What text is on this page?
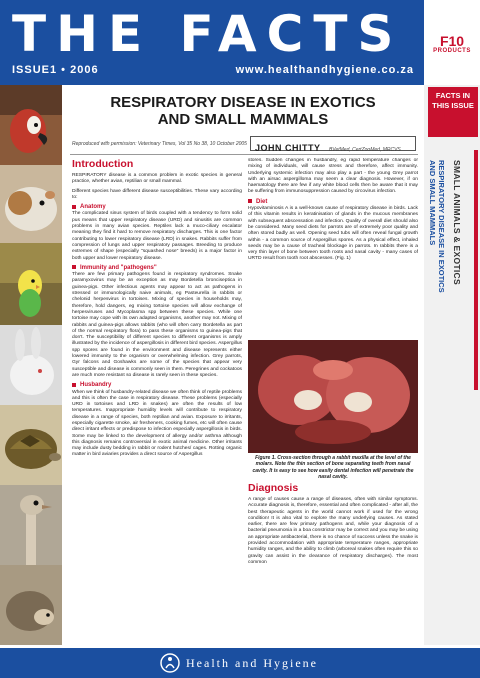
THE FACTS
ISSUE1 • 2006	www.healthandhygiene.co.za
F10
PRODUCTS
FACTS IN THIS ISSUE
SMALL ANIMALS & EXOTICS
RESPIRATORY DISEASE IN EXOTICS
AND SMALL MAMMALS
RESPIRATORY DISEASE IN EXOTICS
AND SMALL MAMMALS
Reproduced with permission: Veterinary Times, Vol 35 No 38, 10 October 2005 JOHN CHITTY BVetMed, CertZooMed, MRCVS
Introduction

RESPIRATORY disease is a common problem in exotic species in general practice, whether avian, reptilian or small mammal.

Different species have different disease susceptibilities. These vary according to:

Anatomy

The complicated sinus system of birds coupled with a tendency to form solid pus means that upper respiratory disease (URD) and sinusitis are common problems in many avian species. Reptiles lack a muco-ciliary escalator meaning they find it hard to remove respiratory discharges. This is one factor contributing to lower respiratory disease (LRD) in snakes. Rabbits suffer from compression of lungs and upper respiratory passages. Breeding to produce extremes of shape (especially "squashed nose" breeds) is a major factor in both upper and lower respiratory disease.

Immunity and "pathogens"

There are few primary pathogens found in respiratory syndromes. Snake paramyxovirus may be an exception as may Bordetella bronciseptica in guinea-pigs. Other infectious agents may appear to act as pathogens in stressed or immunologically naive animals, eg Pasteurella in rabbits or chelonid herpesvirus in tortoises. Mixing of species in households may, therefore, hold dangers, eg mixing tortoise species will allow exchange of herpesviruses and Mycoplasma spp between these species. While one tortoise may cope with its own adapted organisms, another may not. Mixing of rabbits and guinea-pigs allows rabbits (who will often carry Bordetella as part of the normal respiratory flora) to pass these organisms to guinea-pigs that don't. The susceptibility of different species to different organisms is amply illustrated by the incidence of aspergillosis in different bird species. Aspergillus spp spores are found in the environment and disease represents either lowered immunity to the organism or overwhelming infection. Grey parrots, Gyr falcons and Goshawks are some of the species that appear very susceptible and disease is commonly seen in them. Peregrines and cockatoos are much more resistant so disease is rarely seen in these species.

Husbandry

When we think of husbandry-related disease we often think of reptile problems and this is often the case in respiratory disease. These problems (especially URD in tortoises and LRD in snakes) are often the results of low temperatures. Inappropriate humidity levels will contribute to respiratory disease in a range of species, both reptilian and avian. Exposure to irritants, especially cigarette smoke, air fresheners, cooking fumes, etc will often cause direct irritant effects or predispose to infection especially aspergillosis in birds. Some may be linked to the development of allergy and/or asthma although this diagnosis remains controversial in exotic animal medicine. Other irritants may include dusty bedding in rabbit or rodent hutches/ cages. Rotting organic matter in bird aviaries provides a direct source of Aspergillus

stores. Sudden changes in husbandry, eg rapid temperature changes or mixing of individuals, will cause stress and therefore, affect immunity. Underlying systemic infection may also play a part - the young Grey parrot with an airsac aspergilloma may seem a clear diagnosis. However, if on haematology there are few if any white blood cells then be aware that it may be suffering from immunosuppression caused by circovirus infection.

Diet

Hypovitaminosis A is a well-known cause of respiratory disease in birds. Lack of this vitamin results in keratinisation of glands in the mucous membranes with subsequent abscessation and infection. Quality of overall diet should also be considered. Many seed diets for parrots are of extremely poor quality and often stored badly as well. Opening seed tubs will often reveal fungal growth within - a common source of Aspergillus spores. As a physical effect, inhaled seeds may be a cause of tracheal blockage in parrots. In rabbits there is a very thin layer of bone between tooth roots and nasal cavity - many cases of URTD result from tooth root abscesses. (Fig. 1)

Figure 1. Cross-section through a rabbit maxilla at the level of the molars. Note the thin section of bone separating teeth from nasal cavity. It is easy to see how easily dental infection will penetrate the nasal cavity.
Diagnosis

A range of causes cause a range of diseases, often with similar symptoms. Accurate diagnosis is, therefore, essential and often complicated - after all, the best therapeutic agents in the world cannot work if used for the wrong condition! It is also vital to explore the many underlying causes. As stated earlier, there are few primary pathogens and, while your diagnosis of a bacterial pneumonia in a boa constrictor may be correct and you may be using an appropriate antibacterial, there is no chance of success unless the snake is provided accommodation with appropriate temperature ranges, appropriate humidity ranges, and the ability to climb (arboreal snakes often require this so gravity can assist in the clearance of respiratory discharges). The most common

Health and Hygiene
